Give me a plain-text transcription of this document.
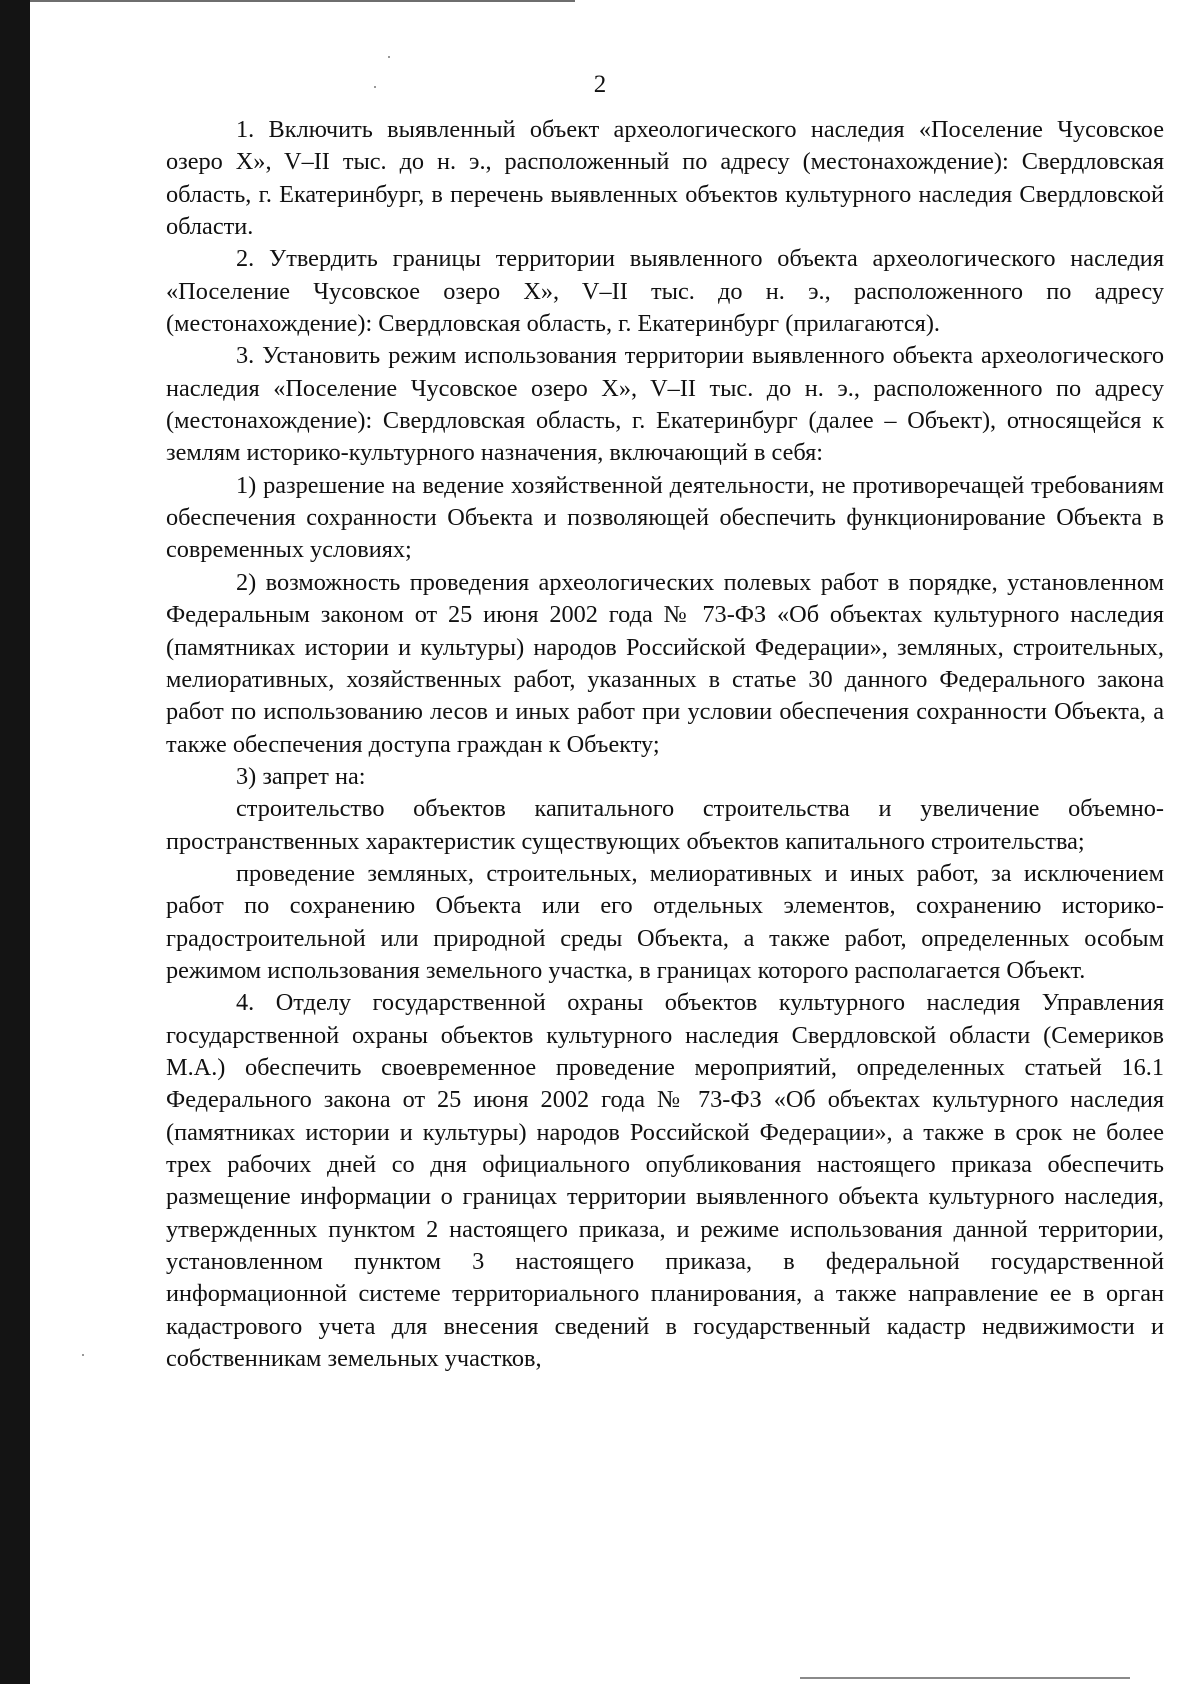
2

1. Включить выявленный объект археологического наследия «Поселение Чусовское озеро X», V–II тыс. до н. э., расположенный по адресу (местонахождение): Свердловская область, г. Екатеринбург, в перечень выявленных объектов культурного наследия Свердловской области.

2. Утвердить границы территории выявленного объекта археологического наследия «Поселение Чусовское озеро X», V–II тыс. до н. э., расположенного по адресу (местонахождение): Свердловская область, г. Екатеринбург (прилагаются).

3. Установить режим использования территории выявленного объекта археологического наследия «Поселение Чусовское озеро X», V–II тыс. до н. э., расположенного по адресу (местонахождение): Свердловская область, г. Екатеринбург (далее – Объект), относящейся к землям историко-культурного назначения, включающий в себя:

1) разрешение на ведение хозяйственной деятельности, не противоречащей требованиям обеспечения сохранности Объекта и позволяющей обеспечить функционирование Объекта в современных условиях;

2) возможность проведения археологических полевых работ в порядке, установленном Федеральным законом от 25 июня 2002 года № 73-ФЗ «Об объектах культурного наследия (памятниках истории и культуры) народов Российской Федерации», земляных, строительных, мелиоративных, хозяйственных работ, указанных в статье 30 данного Федерального закона работ по использованию лесов и иных работ при условии обеспечения сохранности Объекта, а также обеспечения доступа граждан к Объекту;

3) запрет на:

строительство объектов капитального строительства и увеличение объемно-пространственных характеристик существующих объектов капитального строительства;

проведение земляных, строительных, мелиоративных и иных работ, за исключением работ по сохранению Объекта или его отдельных элементов, сохранению историко-градостроительной или природной среды Объекта, а также работ, определенных особым режимом использования земельного участка, в границах которого располагается Объект.

4. Отделу государственной охраны объектов культурного наследия Управления государственной охраны объектов культурного наследия Свердловской области (Семериков М.А.) обеспечить своевременное проведение мероприятий, определенных статьей 16.1 Федерального закона от 25 июня 2002 года № 73-ФЗ «Об объектах культурного наследия (памятниках истории и культуры) народов Российской Федерации», а также в срок не более трех рабочих дней со дня официального опубликования настоящего приказа обеспечить размещение информации о границах территории выявленного объекта культурного наследия, утвержденных пунктом 2 настоящего приказа, и режиме использования данной территории, установленном пунктом 3 настоящего приказа, в федеральной государственной информационной системе территориального планирования, а также направление ее в орган кадастрового учета для внесения сведений в государственный кадастр недвижимости и собственникам земельных участков,
